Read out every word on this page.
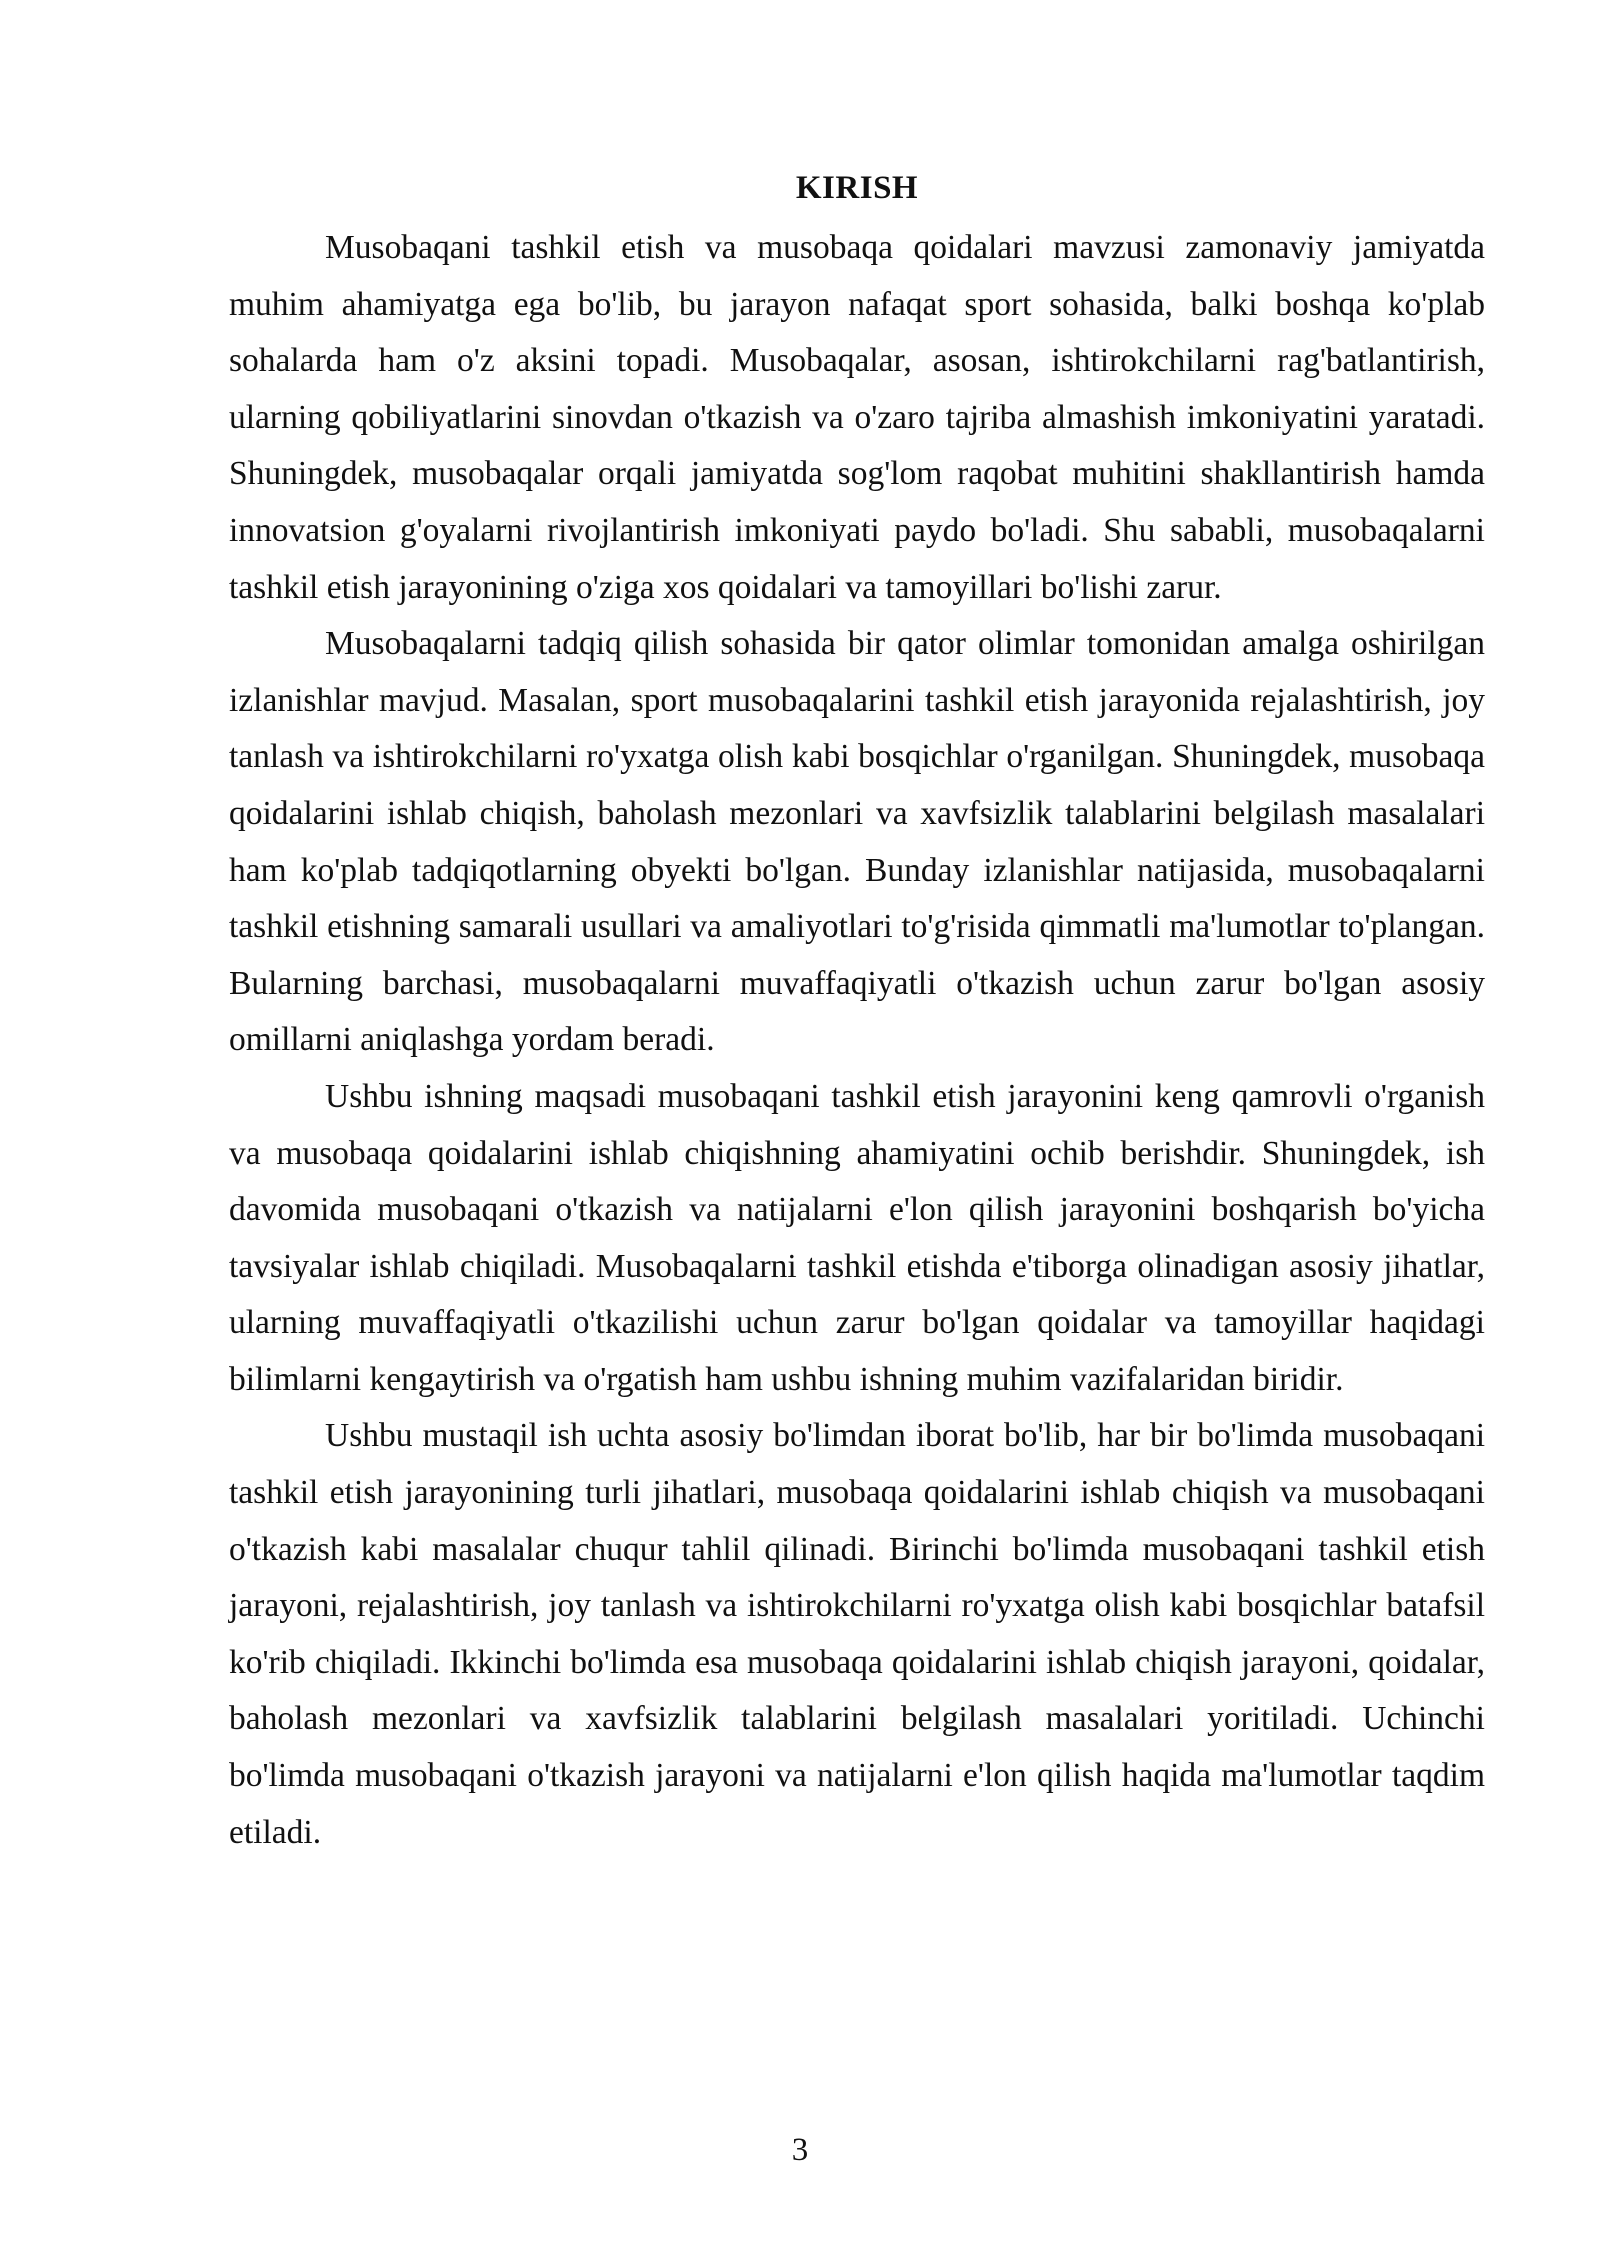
KIRISH

Musobaqani tashkil etish va musobaqa qoidalari mavzusi zamonaviy jamiyatda muhim ahamiyatga ega bo'lib, bu jarayon nafaqat sport sohasida, balki boshqa ko'plab sohalarda ham o'z aksini topadi. Musobaqalar, asosan, ishtirokchilarni rag'batlantirish, ularning qobiliyatlarini sinovdan o'tkazish va o'zaro tajriba almashish imkoniyatini yaratadi. Shuningdek, musobaqalar orqali jamiyatda sog'lom raqobat muhitini shakllantirish hamda innovatsion g'oyalarni rivojlantirish imkoniyati paydo bo'ladi. Shu sababli, musobaqalarni tashkil etish jarayonining o'ziga xos qoidalari va tamoyillari bo'lishi zarur.

Musobaqalarni tadqiq qilish sohasida bir qator olimlar tomonidan amalga oshirilgan izlanishlar mavjud. Masalan, sport musobaqalarini tashkil etish jarayonida rejalashtirish, joy tanlash va ishtirokchilarni ro'yxatga olish kabi bosqichlar o'rganilgan. Shuningdek, musobaqa qoidalarini ishlab chiqish, baholash mezonlari va xavfsizlik talablarini belgilash masalalari ham ko'plab tadqiqotlarning obyekti bo'lgan. Bunday izlanishlar natijasida, musobaqalarni tashkil etishning samarali usullari va amaliyotlari to'g'risida qimmatli ma'lumotlar to'plangan. Bularning barchasi, musobaqalarni muvaffaqiyatli o'tkazish uchun zarur bo'lgan asosiy omillarni aniqlashga yordam beradi.

Ushbu ishning maqsadi musobaqani tashkil etish jarayonini keng qamrovli o'rganish va musobaqa qoidalarini ishlab chiqishning ahamiyatini ochib berishdir. Shuningdek, ish davomida musobaqani o'tkazish va natijalarni e'lon qilish jarayonini boshqarish bo'yicha tavsiyalar ishlab chiqiladi. Musobaqalarni tashkil etishda e'tiborga olinadigan asosiy jihatlar, ularning muvaffaqiyatli o'tkazilishi uchun zarur bo'lgan qoidalar va tamoyillar haqidagi bilimlarni kengaytirish va o'rgatish ham ushbu ishning muhim vazifalaridan biridir.

Ushbu mustaqil ish uchta asosiy bo'limdan iborat bo'lib, har bir bo'limda musobaqani tashkil etish jarayonining turli jihatlari, musobaqa qoidalarini ishlab chiqish va musobaqani o'tkazish kabi masalalar chuqur tahlil qilinadi. Birinchi bo'limda musobaqani tashkil etish jarayoni, rejalashtirish, joy tanlash va ishtirokchilarni ro'yxatga olish kabi bosqichlar batafsil ko'rib chiqiladi. Ikkinchi bo'limda esa musobaqa qoidalarini ishlab chiqish jarayoni, qoidalar, baholash mezonlari va xavfsizlik talablarini belgilash masalalari yoritiladi. Uchinchi bo'limda musobaqani o'tkazish jarayoni va natijalarni e'lon qilish haqida ma'lumotlar taqdim etiladi.

3
